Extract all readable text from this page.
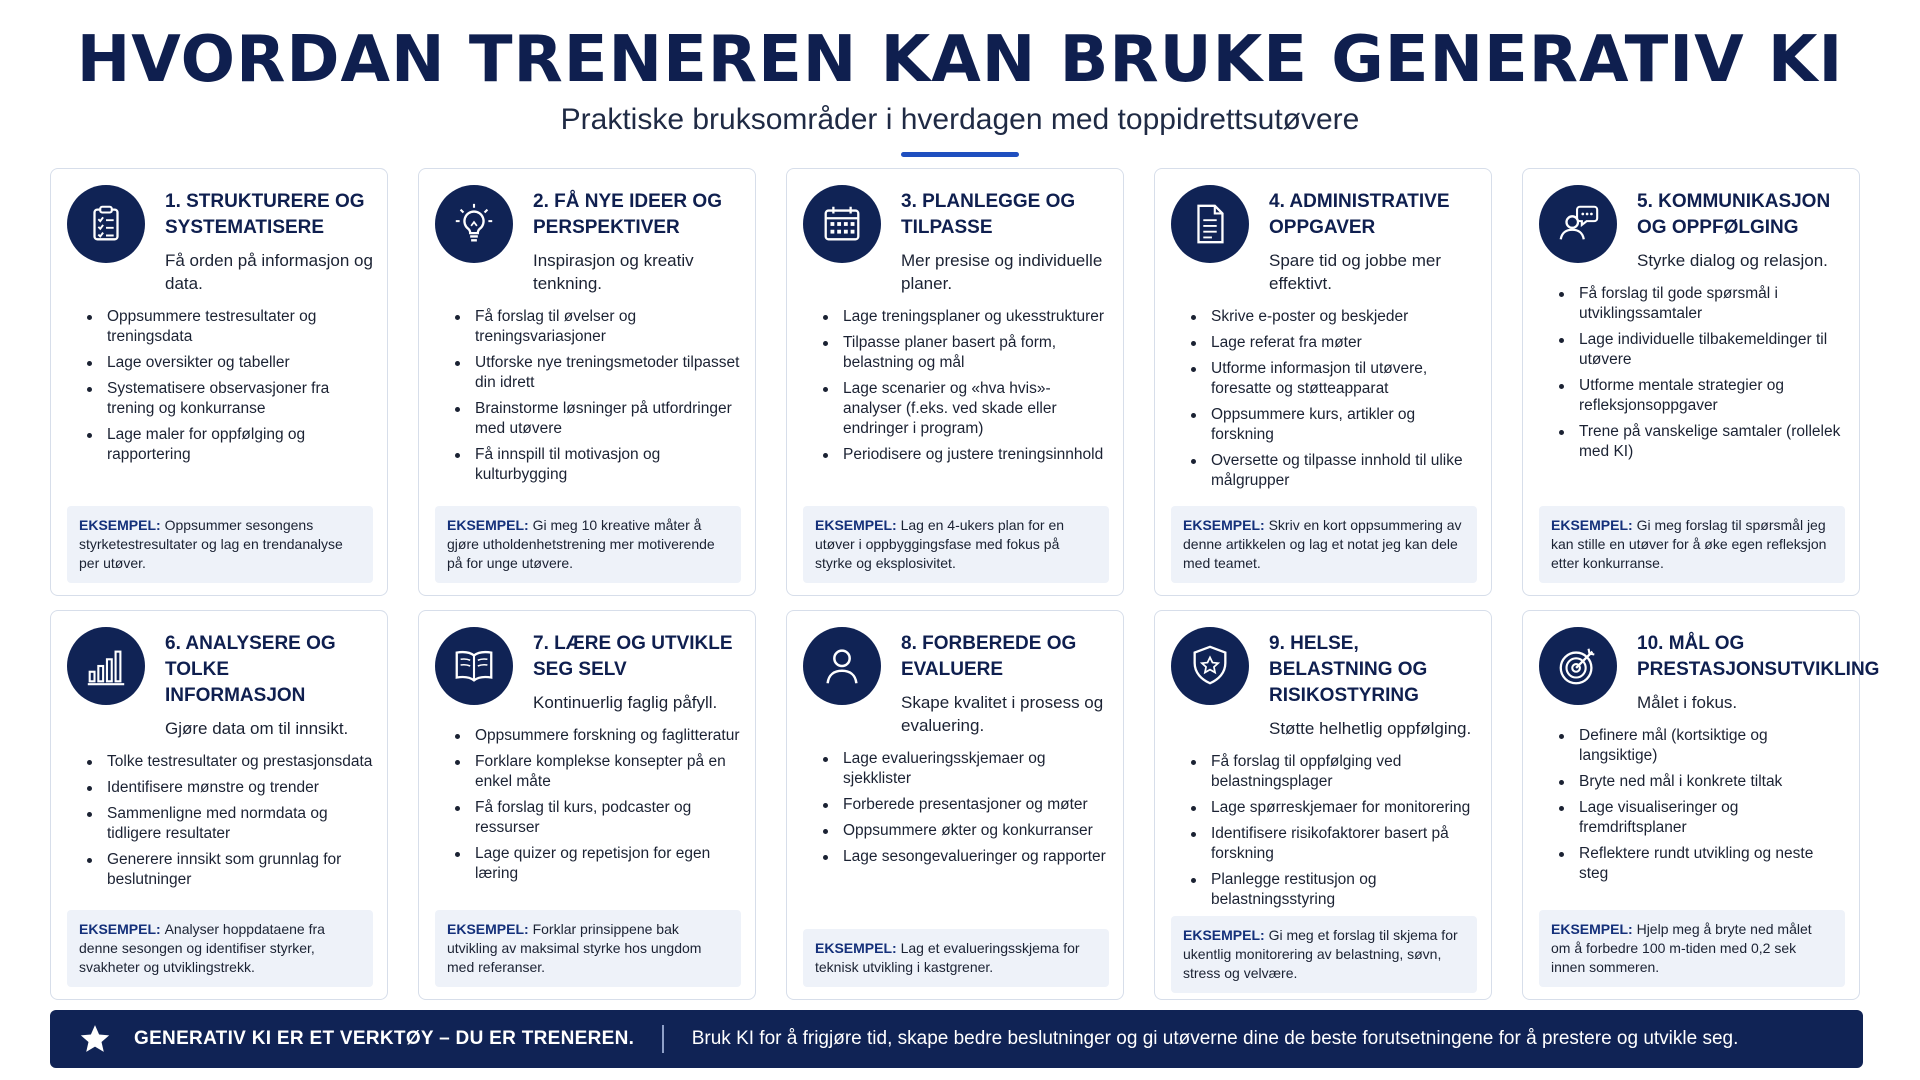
HVORDAN TRENEREN KAN BRUKE GENERATIV KI
Praktiske bruksområder i hverdagen med toppidrettsutøvere
1. STRUKTURERE OG SYSTEMATISERE
Få orden på informasjon og data.
Oppsummere testresultater og treningsdata
Lage oversikter og tabeller
Systematisere observasjoner fra trening og konkurranse
Lage maler for oppfølging og rapportering
EKSEMPEL: Oppsummer sesongens styrketestresultater og lag en trendanalyse per utøver.
2. FÅ NYE IDEER OG PERSPEKTIVER
Inspirasjon og kreativ tenkning.
Få forslag til øvelser og treningsvariasjoner
Utforske nye treningsmetoder tilpasset din idrett
Brainstorme løsninger på utfordringer med utøvere
Få innspill til motivasjon og kulturbygging
EKSEMPEL: Gi meg 10 kreative måter å gjøre utholdenhetstrening mer motiverende på for unge utøvere.
3. PLANLEGGE OG TILPASSE
Mer presise og individuelle planer.
Lage treningsplaner og ukesstrukturer
Tilpasse planer basert på form, belastning og mål
Lage scenarier og «hva hvis»-analyser (f.eks. ved skade eller endringer i program)
Periodisere og justere treningsinnhold
EKSEMPEL: Lag en 4-ukers plan for en utøver i oppbyggingsfase med fokus på styrke og eksplosivitet.
4. ADMINISTRATIVE OPPGAVER
Spare tid og jobbe mer effektivt.
Skrive e-poster og beskjeder
Lage referat fra møter
Utforme informasjon til utøvere, foresatte og støtteapparat
Oppsummere kurs, artikler og forskning
Oversette og tilpasse innhold til ulike målgrupper
EKSEMPEL: Skriv en kort oppsummering av denne artikkelen og lag et notat jeg kan dele med teamet.
5. KOMMUNIKASJON OG OPPFØLGING
Styrke dialog og relasjon.
Få forslag til gode spørsmål i utviklingssamtaler
Lage individuelle tilbakemeldinger til utøvere
Utforme mentale strategier og refleksjonsoppgaver
Trene på vanskelige samtaler (rollelek med KI)
EKSEMPEL: Gi meg forslag til spørsmål jeg kan stille en utøver for å øke egen refleksjon etter konkurranse.
6. ANALYSERE OG TOLKE INFORMASJON
Gjøre data om til innsikt.
Tolke testresultater og prestasjonsdata
Identifisere mønstre og trender
Sammenligne med normdata og tidligere resultater
Generere innsikt som grunnlag for beslutninger
EKSEMPEL: Analyser hoppdataene fra denne sesongen og identifiser styrker, svakheter og utviklingstrekk.
7. LÆRE OG UTVIKLE SEG SELV
Kontinuerlig faglig påfyll.
Oppsummere forskning og faglitteratur
Forklare komplekse konsepter på en enkel måte
Få forslag til kurs, podcaster og ressurser
Lage quizer og repetisjon for egen læring
EKSEMPEL: Forklar prinsippene bak utvikling av maksimal styrke hos ungdom med referanser.
8. FORBEREDE OG EVALUERE
Skape kvalitet i prosess og evaluering.
Lage evalueringsskjemaer og sjekklister
Forberede presentasjoner og møter
Oppsummere økter og konkurranser
Lage sesongevalueringer og rapporter
EKSEMPEL: Lag et evalueringsskjema for teknisk utvikling i kastgrener.
9. HELSE, BELASTNING OG RISIKOSTYRING
Støtte helhetlig oppfølging.
Få forslag til oppfølging ved belastningsplager
Lage spørreskjemaer for monitorering
Identifisere risikofaktorer basert på forskning
Planlegge restitusjon og belastningsstyring
EKSEMPEL: Gi meg et forslag til skjema for ukentlig monitorering av belastning, søvn, stress og velvære.
10. MÅL OG PRESTASJONSUTVIKLING
Målet i fokus.
Definere mål (kortsiktige og langsiktige)
Bryte ned mål i konkrete tiltak
Lage visualiseringer og fremdriftsplaner
Reflektere rundt utvikling og neste steg
EKSEMPEL: Hjelp meg å bryte ned målet om å forbedre 100 m-tiden med 0,2 sek innen sommeren.
GENERATIV KI ER ET VERKTØY – DU ER TRENEREN.	Bruk KI for å frigjøre tid, skape bedre beslutninger og gi utøverne dine de beste forutsetningene for å prestere og utvikle seg.
